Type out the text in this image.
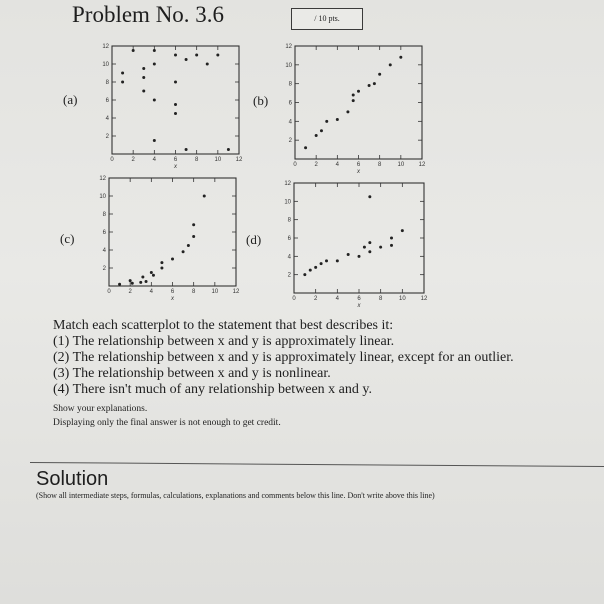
Problem No. 3.6	/ 10 pts.
(a)	(b)
(c)	(d)
0	2
2
4
4
6
6
8
8
10
10
12
12
x	0	2
2
4
4
6
6
8
8
10
10
12
12
x
0	2
2
4
4
6
6
8
8
10
10
12
12
x	0	2
2
4
4
6
6
8
8
10
10
12
12
x
Match each scatterplot to the statement that best describes it:
(1) The relationship between x and y is approximately linear.
(2) The relationship between x and y is approximately linear, except for an outlier.
(3) The relationship between x and y is nonlinear.
(4) There isn't much of any relationship between x and y.
Show your explanations.
Displaying only the final answer is not enough to get credit.
Solution
(Show all intermediate steps, formulas, calculations, explanations and comments below this line. Don't write above this line)
